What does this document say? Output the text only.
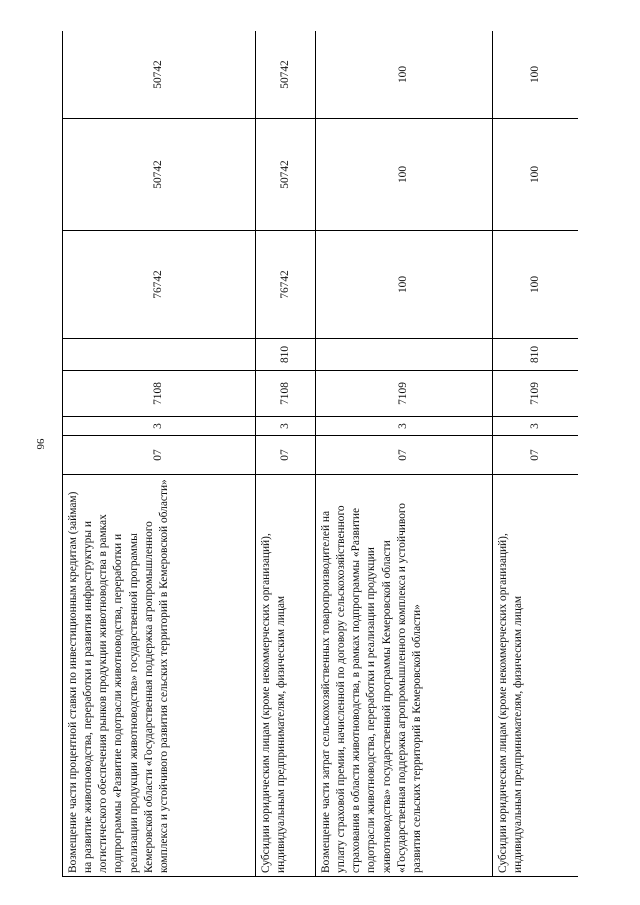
96
Возмещение части процентной ставки по инвестиционным кредитам (займам) на развитие животноводства, переработки и развития инфраструктуры и логистического обеспечения рынков продукции животноводства в рамках подпрограммы «Развитие подотрасли животноводства, переработки и реализации продукции животноводства» государственной программы Кемеровской области «Государственная поддержка агропромышленного комплекса и устойчивого развития сельских территорий в Кемеровской области»	07	3	7108		76742	50742	50742
Субсидии юридическим лицам (кроме некоммерческих организаций), индивидуальным предпринимателям, физическим лицам	07	3	7108	810	76742	50742	50742
Возмещение части затрат сельскохозяйственных товаропроизводителей на уплату страховой премии, начисленной по договору сельскохозяйственного страхования в области животноводства, в рамках подпрограммы «Развитие подотрасли животноводства, переработки и реализации продукции животноводства» государственной программы Кемеровской области «Государственная поддержка агропромышленного комплекса и устойчивого развития сельских территорий в Кемеровской области»	07	3	7109		100	100	100
Субсидии юридическим лицам (кроме некоммерческих организаций), индивидуальным предпринимателям, физическим лицам	07	3	7109	810	100	100	100
